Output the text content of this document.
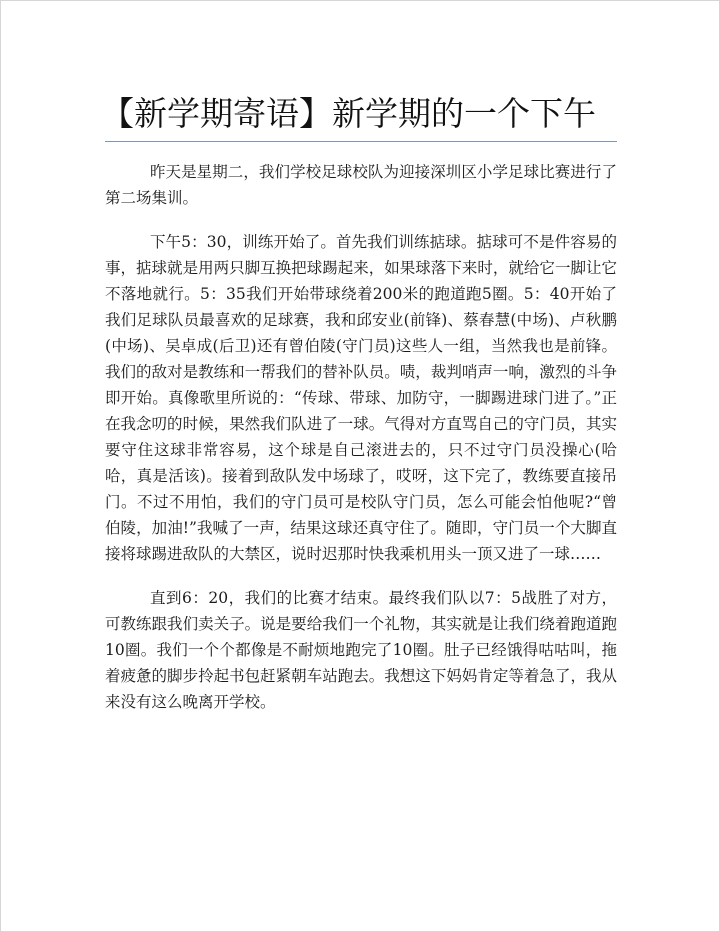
【新学期寄语】新学期的一个下午

昨天是星期二，我们学校足球校队为迎接深圳区小学足球比赛进行了第二场集训。

下午5：30，训练开始了。首先我们训练掂球。掂球可不是件容易的事，掂球就是用两只脚互换把球踢起来，如果球落下来时，就给它一脚让它不落地就行。5：35我们开始带球绕着200米的跑道跑5圈。5：40开始了我们足球队员最喜欢的足球赛，我和邱安业(前锋)、蔡春慧(中场)、卢秋鹏(中场)、吴卓成(后卫)还有曾伯陵(守门员)这些人一组，当然我也是前锋。我们的敌对是教练和一帮我们的替补队员。啧，裁判哨声一响，激烈的斗争即开始。真像歌里所说的：“传球、带球、加防守，一脚踢进球门进了。”正在我念叨的时候，果然我们队进了一球。气得对方直骂自己的守门员，其实要守住这球非常容易，这个球是自己滚进去的，只不过守门员没操心(哈哈，真是活该)。接着到敌队发中场球了，哎呀，这下完了，教练要直接吊门。不过不用怕，我们的守门员可是校队守门员，怎么可能会怕他呢?“曾伯陵，加油!”我喊了一声，结果这球还真守住了。随即，守门员一个大脚直接将球踢进敌队的大禁区，说时迟那时快我乘机用头一顶又进了一球……

直到6：20，我们的比赛才结束。最终我们队以7：5战胜了对方，可教练跟我们卖关子。说是要给我们一个礼物，其实就是让我们绕着跑道跑10圈。我们一个个都像是不耐烦地跑完了10圈。肚子已经饿得咕咕叫，拖着疲惫的脚步拎起书包赶紧朝车站跑去。我想这下妈妈肯定等着急了，我从来没有这么晚离开学校。
